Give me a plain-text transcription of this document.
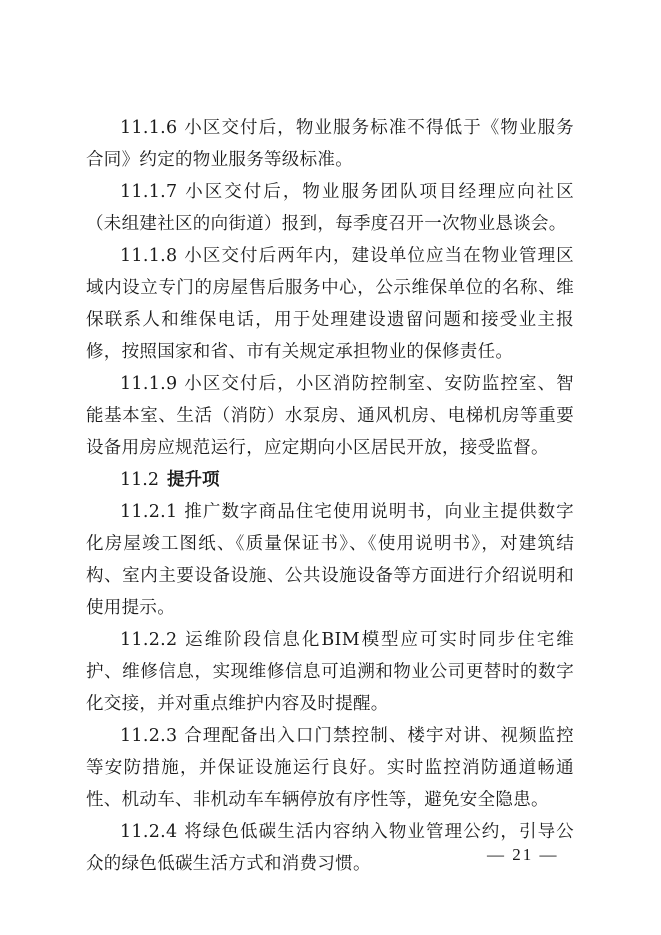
11.1.6 小区交付后，物业服务标准不得低于《物业服务合同》约定的物业服务等级标准。

11.1.7 小区交付后，物业服务团队项目经理应向社区（未组建社区的向街道）报到，每季度召开一次物业恳谈会。

11.1.8 小区交付后两年内，建设单位应当在物业管理区域内设立专门的房屋售后服务中心，公示维保单位的名称、维保联系人和维保电话，用于处理建设遗留问题和接受业主报修，按照国家和省、市有关规定承担物业的保修责任。

11.1.9 小区交付后，小区消防控制室、安防监控室、智能基本室、生活（消防）水泵房、通风机房、电梯机房等重要设备用房应规范运行，应定期向小区居民开放，接受监督。

11.2 提升项

11.2.1 推广数字商品住宅使用说明书，向业主提供数字化房屋竣工图纸、《质量保证书》、《使用说明书》，对建筑结构、室内主要设备设施、公共设施设备等方面进行介绍说明和使用提示。

11.2.2 运维阶段信息化BIM模型应可实时同步住宅维护、维修信息，实现维修信息可追溯和物业公司更替时的数字化交接，并对重点维护内容及时提醒。

11.2.3 合理配备出入口门禁控制、楼宇对讲、视频监控等安防措施，并保证设施运行良好。实时监控消防通道畅通性、机动车、非机动车车辆停放有序性等，避免安全隐患。

11.2.4 将绿色低碳生活内容纳入物业管理公约，引导公众的绿色低碳生活方式和消费习惯。	— 21 —
